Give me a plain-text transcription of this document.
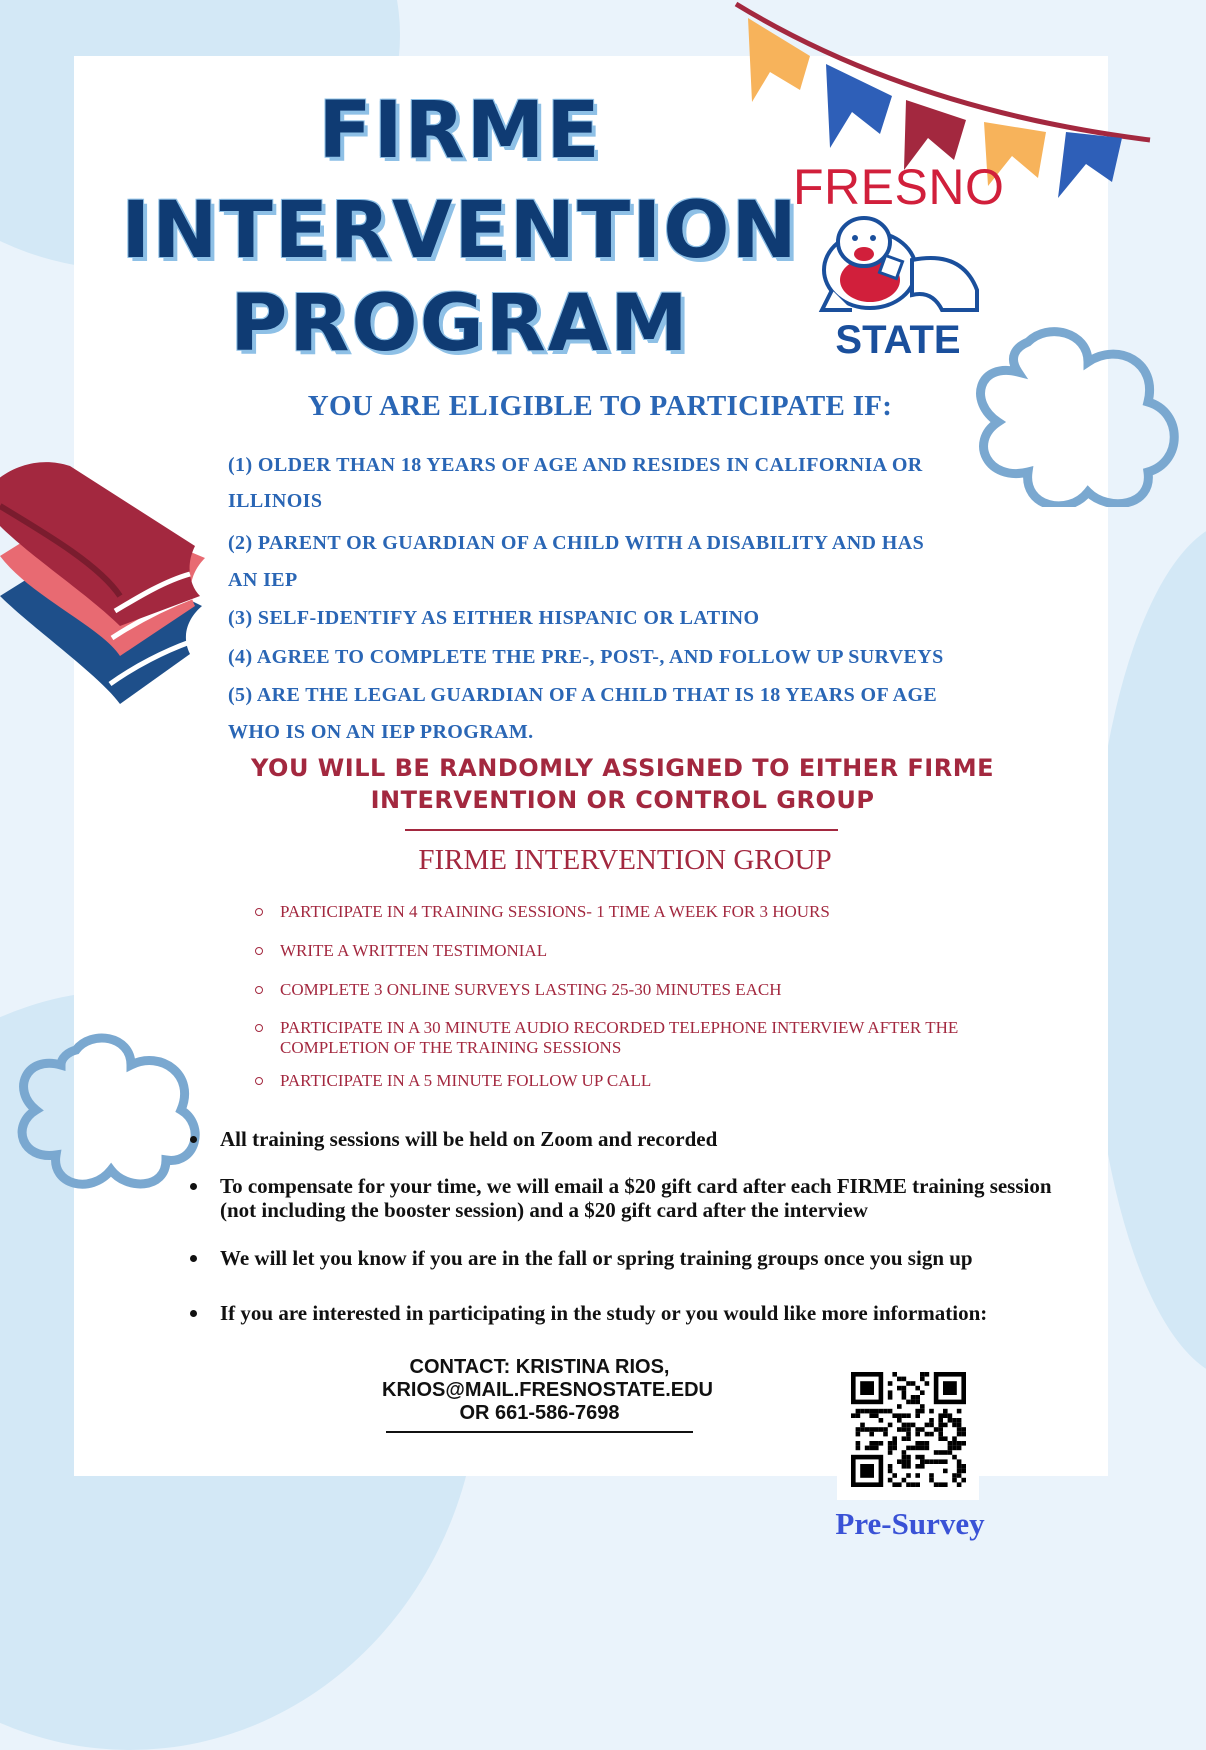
FIRME
INTERVENTION
PROGRAM
FRESNO
STATE
YOU ARE ELIGIBLE TO PARTICIPATE IF:
(1) OLDER THAN 18 YEARS OF AGE AND RESIDES IN CALIFORNIA OR
ILLINOIS
(2) PARENT OR GUARDIAN OF A CHILD WITH A DISABILITY AND HAS
AN IEP
(3) SELF-IDENTIFY AS EITHER HISPANIC OR LATINO
(4) AGREE TO COMPLETE THE PRE-, POST-, AND FOLLOW UP SURVEYS
(5) ARE THE LEGAL GUARDIAN OF A CHILD THAT IS 18 YEARS OF AGE
WHO IS ON AN IEP PROGRAM.
YOU WILL BE RANDOMLY ASSIGNED TO EITHER FIRME
INTERVENTION OR CONTROL GROUP
FIRME INTERVENTION GROUP
PARTICIPATE IN 4 TRAINING SESSIONS- 1 TIME A WEEK FOR 3 HOURS
WRITE A WRITTEN TESTIMONIAL
COMPLETE 3 ONLINE SURVEYS LASTING 25-30 MINUTES EACH
PARTICIPATE IN A 30 MINUTE AUDIO RECORDED TELEPHONE INTERVIEW AFTER THE COMPLETION OF THE TRAINING SESSIONS
PARTICIPATE IN A 5 MINUTE FOLLOW UP CALL
All training sessions will be held on Zoom and recorded
To compensate for your time, we will email a $20 gift card after each FIRME training session (not including the booster session) and a $20 gift card after the interview
We will let you know if you are in the fall or spring training groups once you sign up
If you are interested in participating in the study or you would like more information:
CONTACT: KRISTINA RIOS,
KRIOS@MAIL.FRESNOSTATE.EDU
OR 661-586-7698
Pre-Survey
